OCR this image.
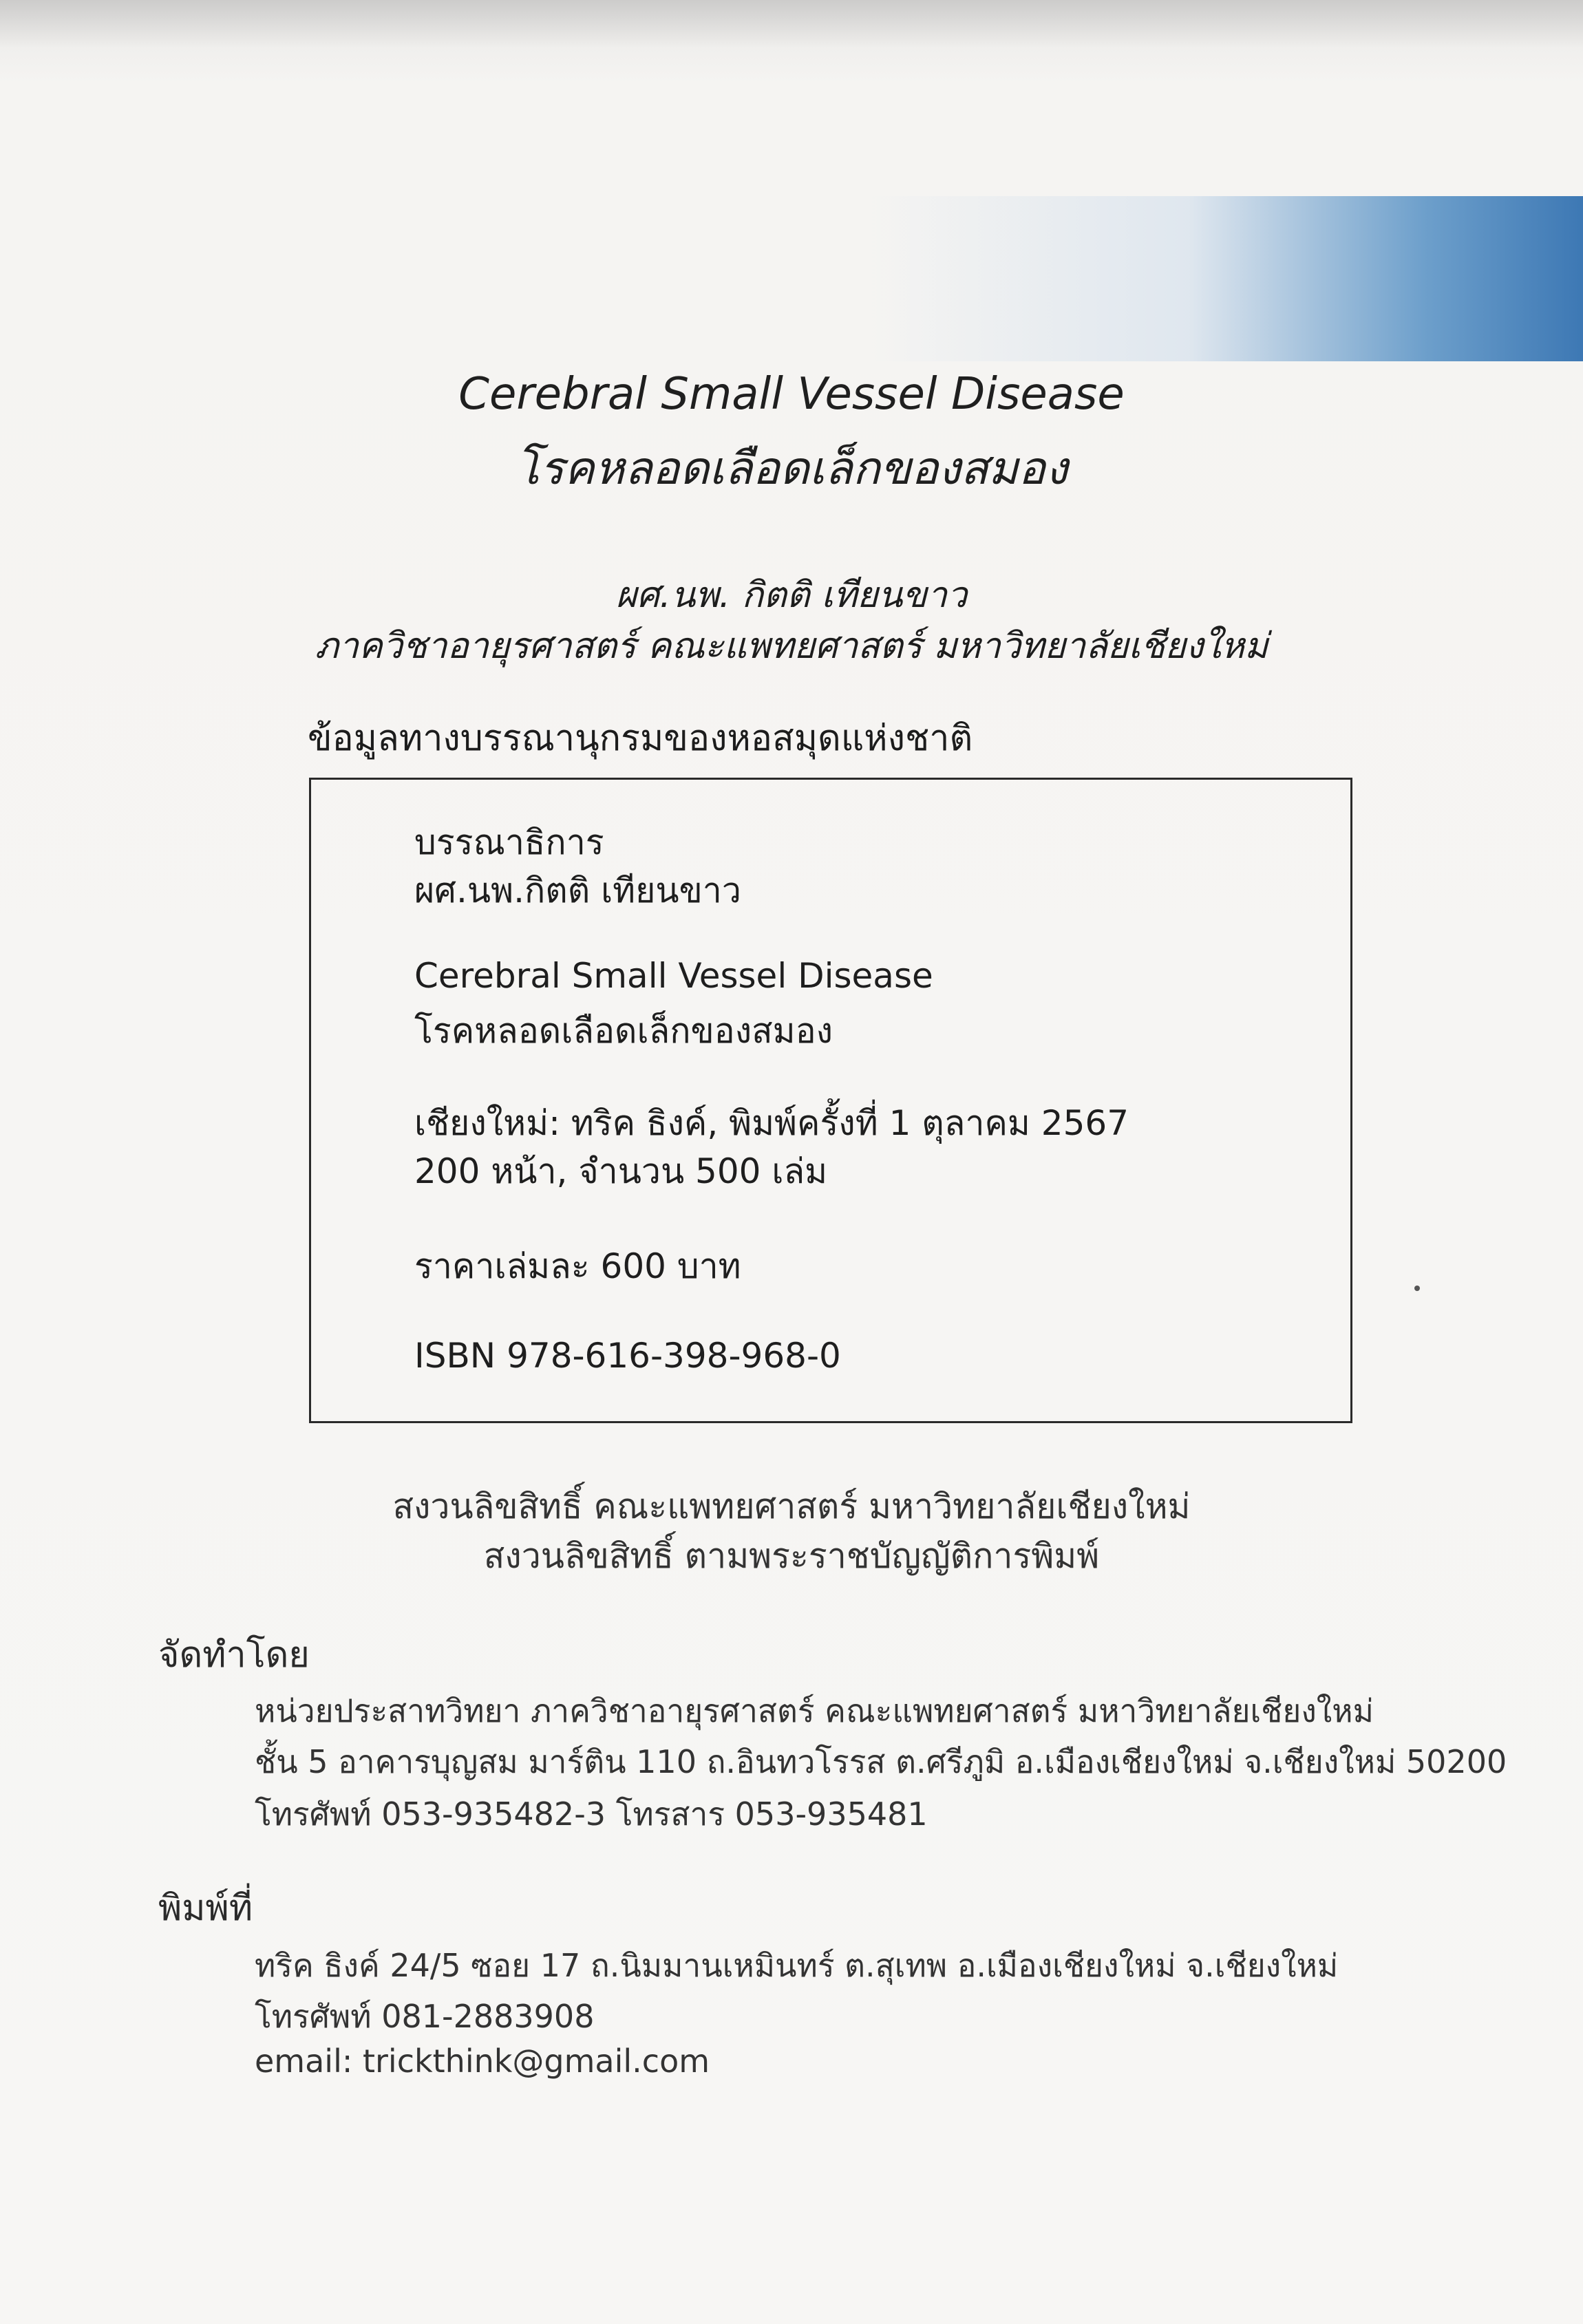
Cerebral Small Vessel Disease
โรคหลอดเลือดเล็กของสมอง
ผศ.นพ. กิตติ เทียนขาว
ภาควิชาอายุรศาสตร์ คณะแพทยศาสตร์ มหาวิทยาลัยเชียงใหม่
ข้อมูลทางบรรณานุกรมของหอสมุดแห่งชาติ
บรรณาธิการ
ผศ.นพ.กิตติ เทียนขาว
Cerebral Small Vessel Disease
โรคหลอดเลือดเล็กของสมอง
เชียงใหม่: ทริค ธิงค์, พิมพ์ครั้งที่ 1 ตุลาคม 2567
200 หน้า, จำนวน 500 เล่ม
ราคาเล่มละ 600 บาท
ISBN 978-616-398-968-0
สงวนลิขสิทธิ์ คณะแพทยศาสตร์ มหาวิทยาลัยเชียงใหม่
สงวนลิขสิทธิ์ ตามพระราชบัญญัติการพิมพ์
จัดทำโดย
หน่วยประสาทวิทยา ภาควิชาอายุรศาสตร์ คณะแพทยศาสตร์ มหาวิทยาลัยเชียงใหม่
ชั้น 5 อาคารบุญสม มาร์ติน 110 ถ.อินทวโรรส ต.ศรีภูมิ อ.เมืองเชียงใหม่ จ.เชียงใหม่ 50200
โทรศัพท์ 053-935482-3 โทรสาร 053-935481
พิมพ์ที่
ทริค ธิงค์ 24/5 ซอย 17 ถ.นิมมานเหมินทร์ ต.สุเทพ อ.เมืองเชียงใหม่ จ.เชียงใหม่
โทรศัพท์ 081-2883908
email: trickthink@gmail.com
